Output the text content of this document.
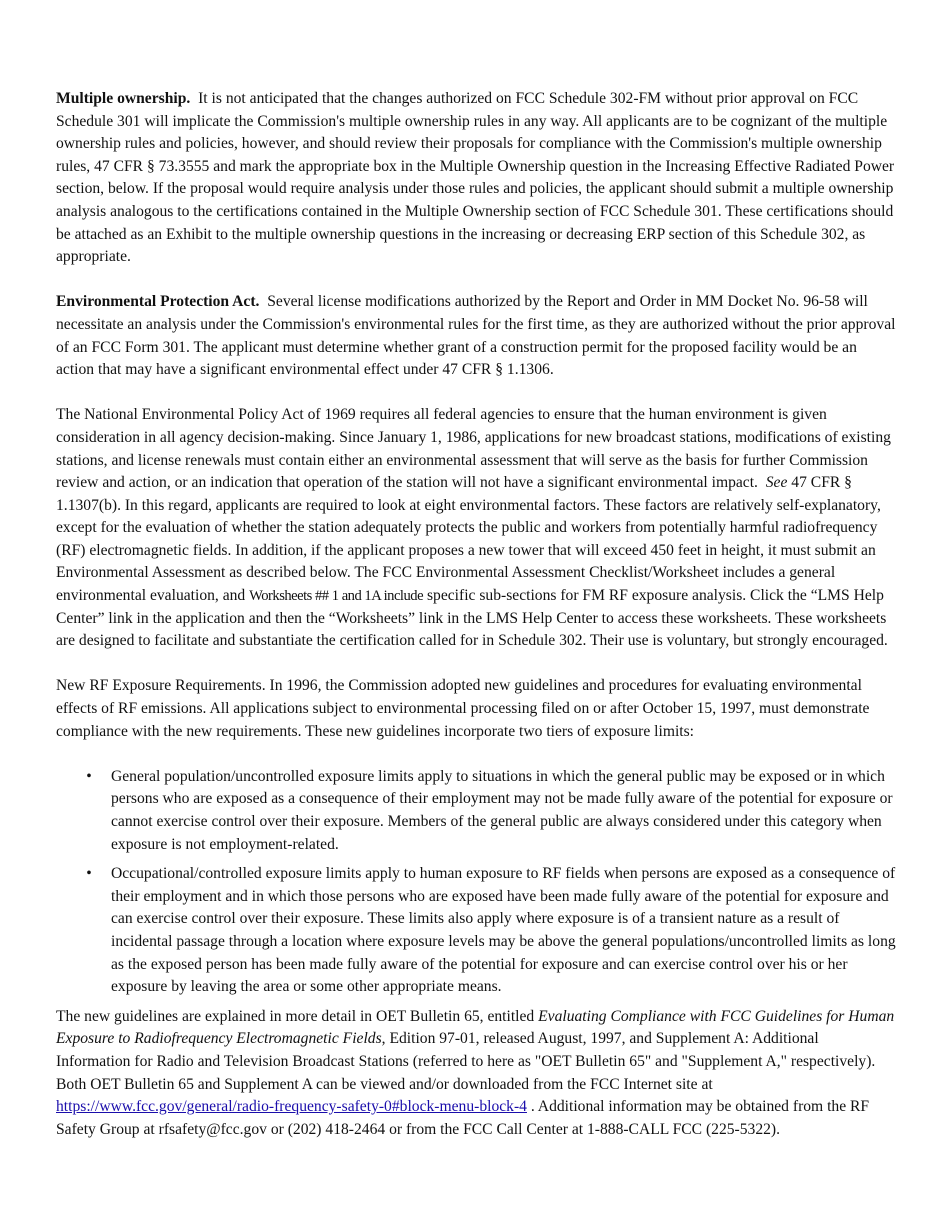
Multiple ownership. It is not anticipated that the changes authorized on FCC Schedule 302-FM without prior approval on FCC Schedule 301 will implicate the Commission's multiple ownership rules in any way. All applicants are to be cognizant of the multiple ownership rules and policies, however, and should review their proposals for compliance with the Commission's multiple ownership rules, 47 CFR § 73.3555 and mark the appropriate box in the Multiple Ownership question in the Increasing Effective Radiated Power section, below. If the proposal would require analysis under those rules and policies, the applicant should submit a multiple ownership analysis analogous to the certifications contained in the Multiple Ownership section of FCC Schedule 301. These certifications should be attached as an Exhibit to the multiple ownership questions in the increasing or decreasing ERP section of this Schedule 302, as appropriate.

Environmental Protection Act. Several license modifications authorized by the Report and Order in MM Docket No. 96-58 will necessitate an analysis under the Commission's environmental rules for the first time, as they are authorized without the prior approval of an FCC Form 301. The applicant must determine whether grant of a construction permit for the proposed facility would be an action that may have a significant environmental effect under 47 CFR § 1.1306.

The National Environmental Policy Act of 1969 requires all federal agencies to ensure that the human environment is given consideration in all agency decision-making. Since January 1, 1986, applications for new broadcast stations, modifications of existing stations, and license renewals must contain either an environmental assessment that will serve as the basis for further Commission review and action, or an indication that operation of the station will not have a significant environmental impact. See 47 CFR § 1.1307(b). In this regard, applicants are required to look at eight environmental factors. These factors are relatively self-explanatory, except for the evaluation of whether the station adequately protects the public and workers from potentially harmful radiofrequency (RF) electromagnetic fields. In addition, if the applicant proposes a new tower that will exceed 450 feet in height, it must submit an Environmental Assessment as described below. The FCC Environmental Assessment Checklist/Worksheet includes a general environmental evaluation, and Worksheets ## 1 and 1A include specific sub-sections for FM RF exposure analysis. Click the “LMS Help Center” link in the application and then the “Worksheets” link in the LMS Help Center to access these worksheets. These worksheets are designed to facilitate and substantiate the certification called for in Schedule 302. Their use is voluntary, but strongly encouraged.

New RF Exposure Requirements. In 1996, the Commission adopted new guidelines and procedures for evaluating environmental effects of RF emissions. All applications subject to environmental processing filed on or after October 15, 1997, must demonstrate compliance with the new requirements. These new guidelines incorporate two tiers of exposure limits:

• General population/uncontrolled exposure limits apply to situations in which the general public may be exposed or in which persons who are exposed as a consequence of their employment may not be made fully aware of the potential for exposure or cannot exercise control over their exposure. Members of the general public are always considered under this category when exposure is not employment-related.
• Occupational/controlled exposure limits apply to human exposure to RF fields when persons are exposed as a consequence of their employment and in which those persons who are exposed have been made fully aware of the potential for exposure and can exercise control over their exposure. These limits also apply where exposure is of a transient nature as a result of incidental passage through a location where exposure levels may be above the general populations/uncontrolled limits as long as the exposed person has been made fully aware of the potential for exposure and can exercise control over his or her exposure by leaving the area or some other appropriate means.

The new guidelines are explained in more detail in OET Bulletin 65, entitled Evaluating Compliance with FCC Guidelines for Human Exposure to Radiofrequency Electromagnetic Fields, Edition 97-01, released August, 1997, and Supplement A: Additional Information for Radio and Television Broadcast Stations (referred to here as "OET Bulletin 65" and "Supplement A," respectively). Both OET Bulletin 65 and Supplement A can be viewed and/or downloaded from the FCC Internet site at https://www.fcc.gov/general/radio-frequency-safety-0#block-menu-block-4 . Additional information may be obtained from the RF Safety Group at rfsafety@fcc.gov or (202) 418-2464 or from the FCC Call Center at 1-888-CALL FCC (225-5322).
